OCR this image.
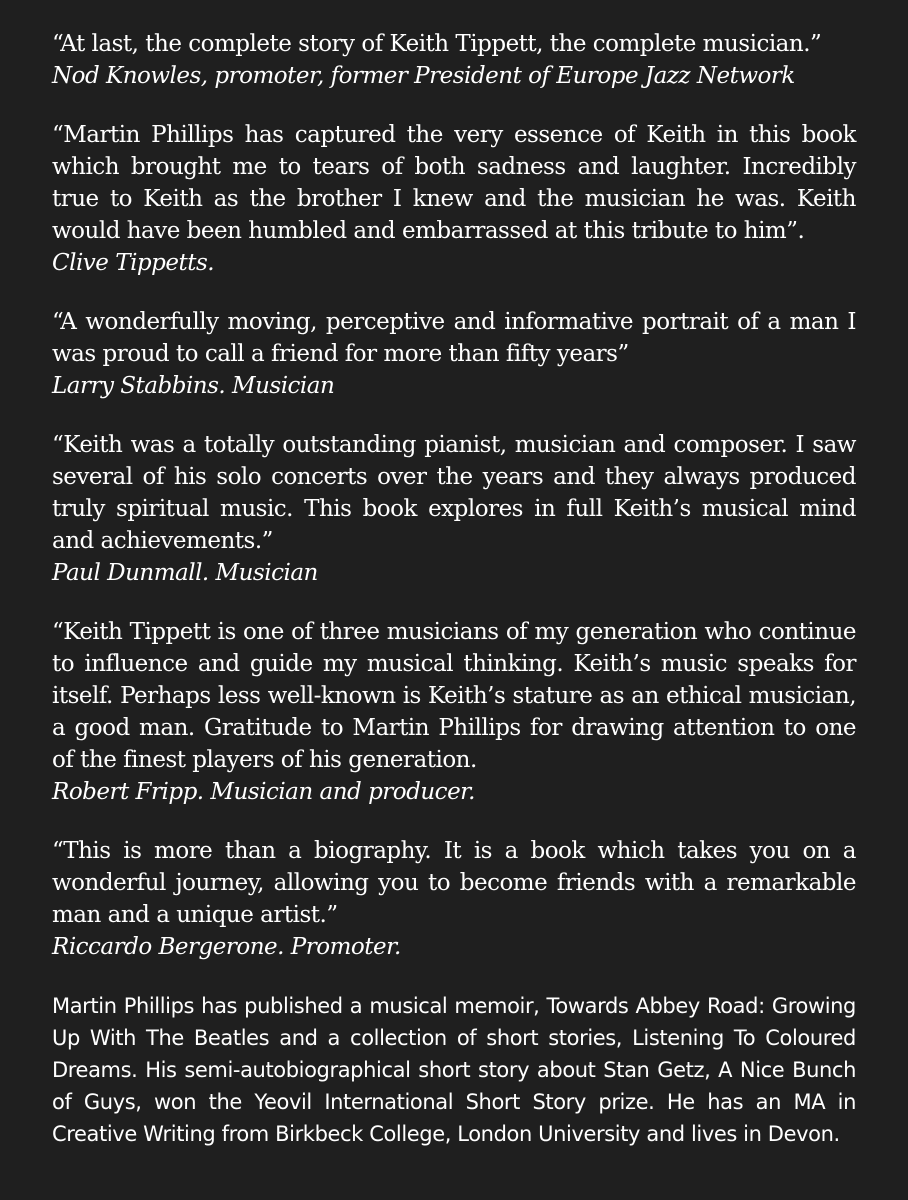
“At last, the complete story of Keith Tippett, the complete musician.”
Nod Knowles, promoter, former President of Europe Jazz Network
“Martin Phillips has captured the very essence of Keith in this book which brought me to tears of both sadness and laughter. Incredibly true to Keith as the brother I knew and the musician he was. Keith would have been humbled and embarrassed at this tribute to him”.
Clive Tippetts.
“A wonderfully moving, perceptive and informative portrait of a man I was proud to call a friend for more than fifty years”
Larry Stabbins. Musician
“Keith was a totally outstanding pianist, musician and composer. I saw several of his solo concerts over the years and they always produced truly spiritual music. This book explores in full Keith’s musical mind and achievements.”
Paul Dunmall. Musician
“Keith Tippett is one of three musicians of my generation who continue to influence and guide my musical thinking. Keith’s music speaks for itself. Perhaps less well-known is Keith’s stature as an ethical musician, a good man. Gratitude to Martin Phillips for drawing attention to one of the finest players of his generation.
Robert Fripp. Musician and producer.
“This is more than a biography. It is a book which takes you on a wonderful journey, allowing you to become friends with a remarkable man and a unique artist.”
Riccardo Bergerone. Promoter.

Martin Phillips has published a musical memoir, Towards Abbey Road: Growing Up With The Beatles and a collection of short stories, Listening To Coloured Dreams. His semi-autobiographical short story about Stan Getz, A Nice Bunch of Guys, won the Yeovil International Short Story prize. He has an MA in Creative Writing from Birkbeck College, London University and lives in Devon.
